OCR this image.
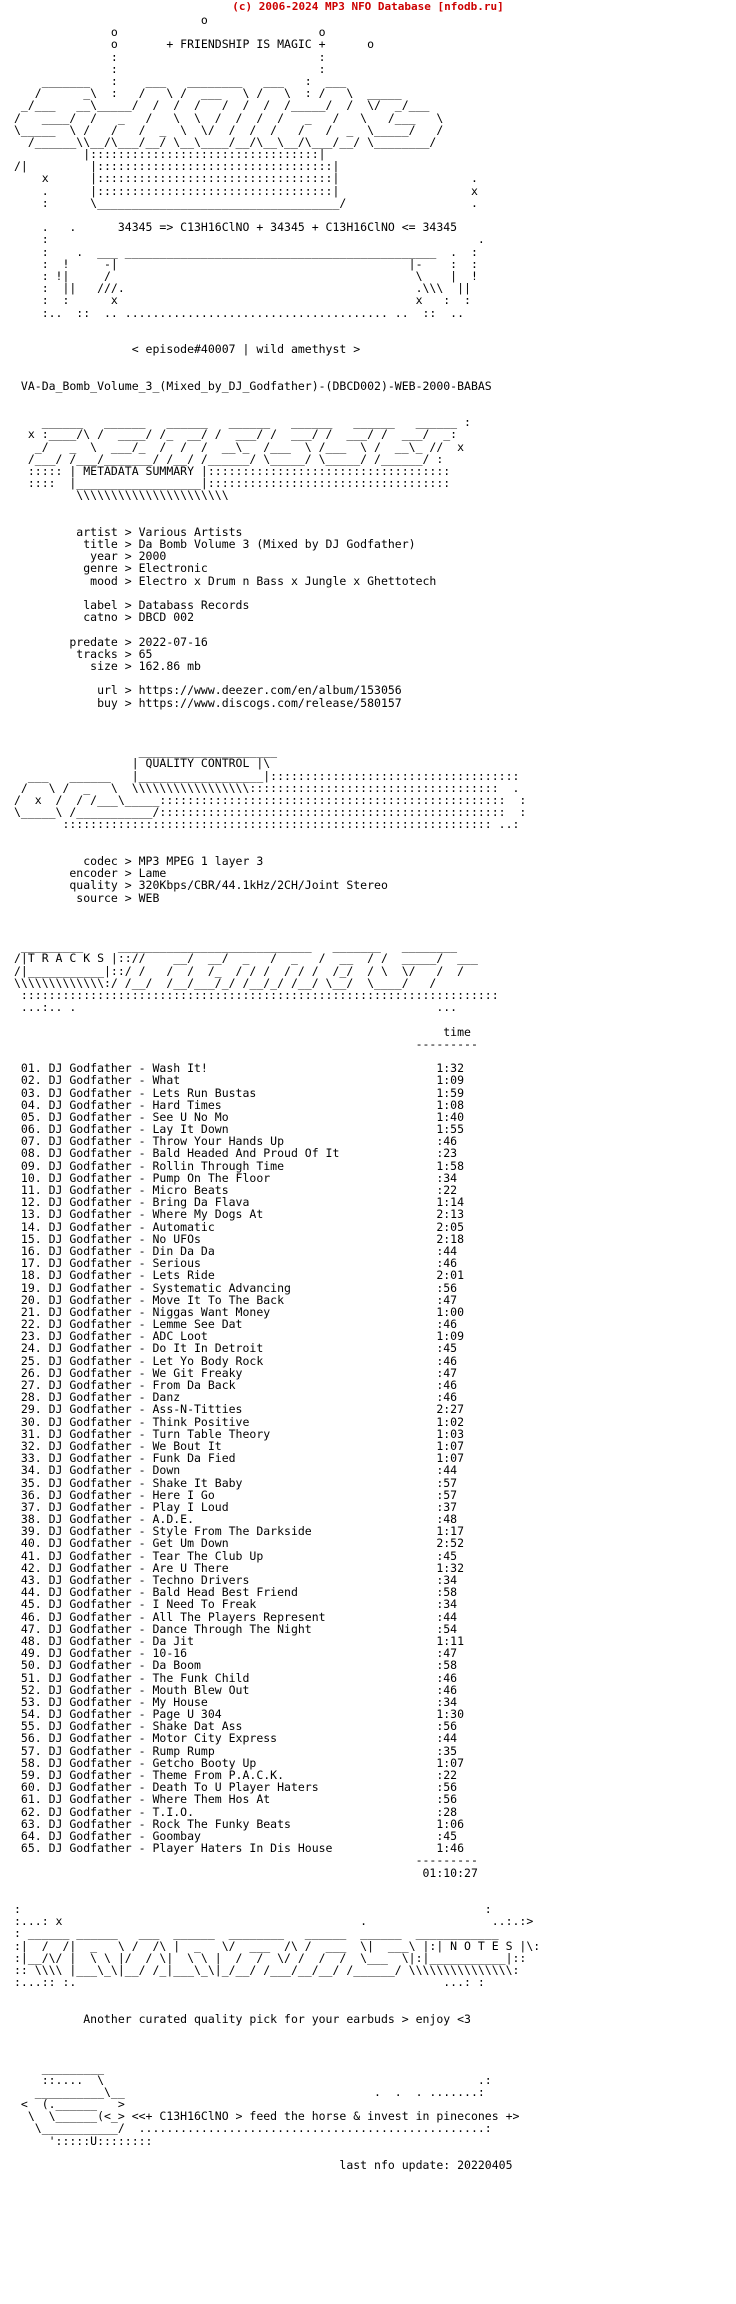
(c) 2006-2024 MP3 NFO Database [nfodb.ru]
o
o                             o
o       + FRIENDSHIP IS MAGIC +      o
:                             :
:                             :
_______   :    ___   ________   ___   :  ___
/      _\  :   /   \ /  ___   \ /   \  : /   \  _____
_/___   __\_____/  /  /  /   /  /  /  /_____/  /  \/  _/___
/   ____/  /   _   /   \  \  /  /  /  /   _   /   \   /___   \
\_____  \ /   /   /  _  \  \/  /  /  /   /   /  _  \_____/   /
/______\\__/\___/__/ \__\____/__/\__\__/\___/__/ \________/
|:::::::::::::::::::::::::::::::::|
/|         |::::::::::::::::::::::::::::::::::|
x      |::::::::::::::::::::::::::::::::::|                   .
.      |::::::::::::::::::::::::::::::::::|                   x
:      \___________________________________/                  .
.   .      34345 => C13H16ClNO + 34345 + C13H16ClNO <= 34345
:                                                              .
:    .  ___ _____________________________________________  .  :
:  !     -|                                          |-    :  :
: !|     /                                            \    |  !
:  ||   ///.                                          .\\\  ||
:  :      x                                           x   :  :
:..  ::  .. ...................................... ..  ::  ..
< episode#40007 | wild amethyst >
VA-Da_Bomb_Volume_3_(Mixed_by_DJ_Godfather)-(DBCD002)-WEB-2000-BABAS
______   ______   ______   ______   ______   ______   ______ :
x :____/\ /  ____/ /_  __/ /  ___/ /  ___/ /  ___/ /  ___/  _:
_/   _  \  ___/_  /  /  /  __\_  /___  \ /___  \ /  __\_ //  x
/___/ /___/_______/ /__/ /______/ \_____/ \_____/ /______/ :
::::: | METADATA SUMMARY |:::::::::::::::::::::::::::::::::::
::::  |__________________|:::::::::::::::::::::::::::::::::::
\\\\\\\\\\\\\\\\\\\\\\
artist > Various Artists
title > Da Bomb Volume 3 (Mixed by DJ Godfather)
year > 2000
genre > Electronic
mood > Electro x Drum n Bass x Jungle x Ghettotech
label > Databass Records
catno > DBCD 002
predate > 2022-07-16
tracks > 65
size > 162.86 mb
url > https://www.deezer.com/en/album/153056
buy > https://www.discogs.com/release/580157
____________________
| QUALITY CONTROL |\
___   ______   |__________________|::::::::::::::::::::::::::::::::::::
/   \ /  _   \  \\\\\\\\\\\\\\\\\::::::::::::::::::::::::::::::::::::  .
/  x  /  / /___\_____::::::::::::::::::::::::::::::::::::::::::::::::::  :
\_____\ /___________/::::::::::::::::::::::::::::::::::::::::::::::::::  :
:::::::::::::::::::::::::::::::::::::::::::::::::::::::::::::: ..:
codec > MP3 MPEG 1 layer 3
encoder > Lame
quality > 320Kbps/CBR/44.1kHz/2CH/Joint Stereo
source > WEB
_________     ____________________________   _______   ________
/|T R A C K S |:://    __/  __/  _   /  _   /  __  / /  _____/  ___
/|___________|::/ /   /  /  /_  / / /  / / /  /_/  / \  \/   /  /
\\\\\\\\\\\\\:/ /__/  /__/___/_/ /__/_/ /__/ \__/  \____/   /
:::::::::::::::::::::::::::::::::::::::::::::::::::::::::::::::::::::
...:.. .                                                    ...
time
---------
01. DJ Godfather - Wash It!                                 1:32
02. DJ Godfather - What                                     1:09
03. DJ Godfather - Lets Run Bustas                          1:59
04. DJ Godfather - Hard Times                               1:08
05. DJ Godfather - See U No Mo                              1:40
06. DJ Godfather - Lay It Down                              1:55
07. DJ Godfather - Throw Your Hands Up                      :46
08. DJ Godfather - Bald Headed And Proud Of It              :23
09. DJ Godfather - Rollin Through Time                      1:58
10. DJ Godfather - Pump On The Floor                        :34
11. DJ Godfather - Micro Beats                              :22
12. DJ Godfather - Bring Da Flava                           1:14
13. DJ Godfather - Where My Dogs At                         2:13
14. DJ Godfather - Automatic                                2:05
15. DJ Godfather - No UFOs                                  2:18
16. DJ Godfather - Din Da Da                                :44
17. DJ Godfather - Serious                                  :46
18. DJ Godfather - Lets Ride                                2:01
19. DJ Godfather - Systematic Advancing                     :56
20. DJ Godfather - Move It To The Back                      :47
21. DJ Godfather - Niggas Want Money                        1:00
22. DJ Godfather - Lemme See Dat                            :46
23. DJ Godfather - ADC Loot                                 1:09
24. DJ Godfather - Do It In Detroit                         :45
25. DJ Godfather - Let Yo Body Rock                         :46
26. DJ Godfather - We Git Freaky                            :47
27. DJ Godfather - From Da Back                             :46
28. DJ Godfather - Danz                                     :46
29. DJ Godfather - Ass-N-Titties                            2:27
30. DJ Godfather - Think Positive                           1:02
31. DJ Godfather - Turn Table Theory                        1:03
32. DJ Godfather - We Bout It                               1:07
33. DJ Godfather - Funk Da Fied                             1:07
34. DJ Godfather - Down                                     :44
35. DJ Godfather - Shake It Baby                            :57
36. DJ Godfather - Here I Go                                :57
37. DJ Godfather - Play I Loud                              :37
38. DJ Godfather - A.D.E.                                   :48
39. DJ Godfather - Style From The Darkside                  1:17
40. DJ Godfather - Get Um Down                              2:52
41. DJ Godfather - Tear The Club Up                         :45
42. DJ Godfather - Are U There                              1:32
43. DJ Godfather - Techno Drivers                           :34
44. DJ Godfather - Bald Head Best Friend                    :58
45. DJ Godfather - I Need To Freak                          :34
46. DJ Godfather - All The Players Represent                :44
47. DJ Godfather - Dance Through The Night                  :54
48. DJ Godfather - Da Jit                                   1:11
49. DJ Godfather - 10-16                                    :47
50. DJ Godfather - Da Boom                                  :58
51. DJ Godfather - The Funk Child                           :46
52. DJ Godfather - Mouth Blew Out                           :46
53. DJ Godfather - My House                                 :34
54. DJ Godfather - Page U 304                               1:30
55. DJ Godfather - Shake Dat Ass                            :56
56. DJ Godfather - Motor City Express                       :44
57. DJ Godfather - Rump Rump                                :35
58. DJ Godfather - Getcho Booty Up                          1:07
59. DJ Godfather - Theme From P.A.C.K.                      :22
60. DJ Godfather - Death To U Player Haters                 :56
61. DJ Godfather - Where Them Hos At                        :56
62. DJ Godfather - T.I.O.                                   :28
63. DJ Godfather - Rock The Funky Beats                     1:06
64. DJ Godfather - Goombay                                  :45
65. DJ Godfather - Player Haters In Dis House               1:46
---------
01:10:27
:                                                                   :
:...: x                                           .                  ..:.:>
: ______ ______   ___  ______  ________   ______  ______  ____________
:|  /  /|  _   \ /  /\ |  _   \/  ___  /\ /  ___  \|  ___\ |:| N O T E S |\:
:|__/\/ |  \ \ |/  / \|  \ \ |  /  /  \/ /  /  /  \___  \|:|___________|::
:: \\\\ |___\_\|__/ /_|___\_\|_/__/ /___/__/__/ /______/ \\\\\\\\\\\\\\\:
:...:: :.                                                     ...: :
Another curated quality pick for your earbuds > enjoy <3
_________
::....  \                                                      .:
__________\__                                    .  .  . .......:
<  (.______   >
\  \______(<_> <<+ C13H16ClNO > feed the horse & invest in pinecones +>
\___________/  ..................................................:
':::::U::::::::
last nfo update: 20220405
